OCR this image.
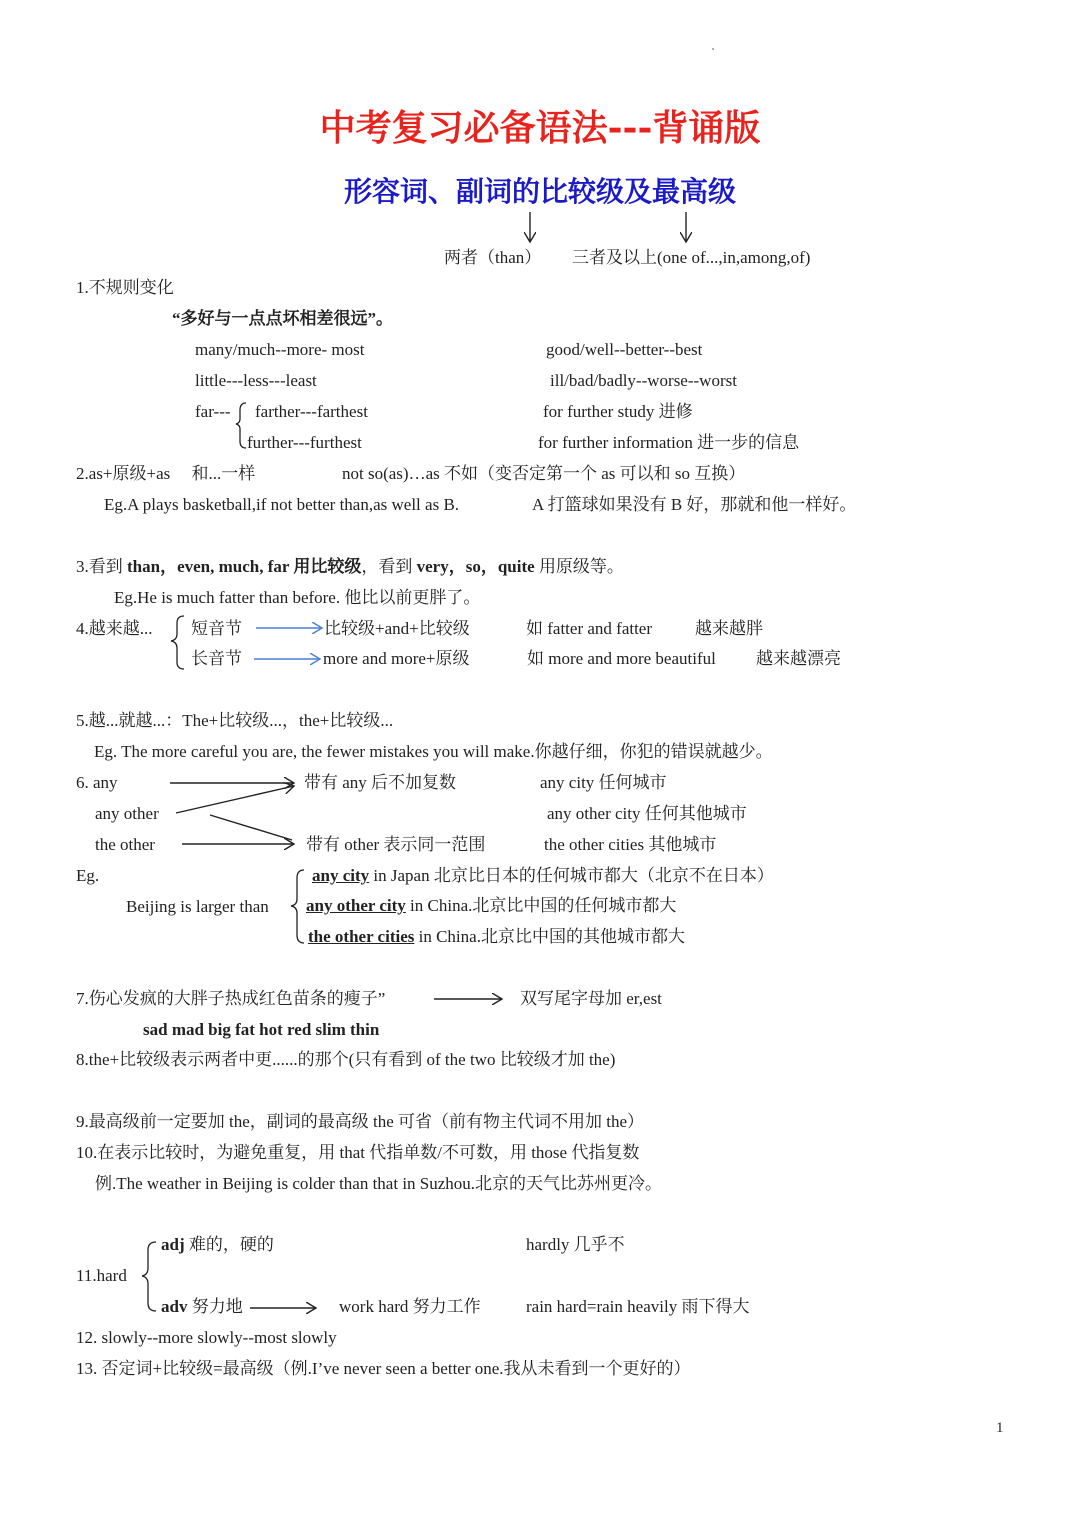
中考复习必备语法---背诵版
形容词、副词的比较级及最高级
两者（than） 三者及以上(one of...,in,among,of)
1.不规则变化
“多好与一点点坏相差很远”。
many/much--more- most	good/well--better--best
little---less---least	ill/bad/badly--worse--worst
far--- farther---farthest	for further study 进修
further---furthest	for further information 进一步的信息
2.as+原级+as　 和...一样	not so(as)…as 不如（变否定第一个 as 可以和 so 互换）
Eg.A plays basketball,if not better than,as well as B.	A 打篮球如果没有 B 好，那就和他一样好。
3.看到 than，even, much, far 用比较级，看到 very，so，quite 用原级等。
Eg.He is much fatter than before. 他比以前更胖了。
4.越来越... 短音节	比较级+and+比较级	如 fatter and fatter	越来越胖
长音节	more and more+原级	如 more and more beautiful 越来越漂亮
5.越...就越...：The+比较级...，the+比较级...
Eg. The more careful you are, the fewer mistakes you will make.你越仔细，你犯的错误就越少。
6. any	带有 any 后不加复数	any city 任何城市
any other	any other city 任何其他城市
the other	带有 other 表示同一范围	the other cities 其他城市
Eg.
Beijing is larger than
any city in Japan 北京比日本的任何城市都大（北京不在日本）
any other city in China.北京比中国的任何城市都大
the other cities in China.北京比中国的其他城市都大
7.伤心发疯的大胖子热成红色苗条的瘦子”	双写尾字母加 er,est
sad mad big fat hot red slim thin
8.the+比较级表示两者中更......的那个(只有看到 of the two 比较级才加 the)
9.最高级前一定要加 the，副词的最高级 the 可省（前有物主代词不用加 the）
10.在表示比较时，为避免重复，用 that 代指单数/不可数，用 those 代指复数
例.The weather in Beijing is colder than that in Suzhou.北京的天气比苏州更冷。
adj 难的，硬的	hardly 几乎不
11.hard
adv 努力地	work hard 努力工作	rain hard=rain heavily 雨下得大
12. slowly--more slowly--most slowly
13. 否定词+比较级=最高级（例.I’ve never seen a better one.我从未看到一个更好的）
1
